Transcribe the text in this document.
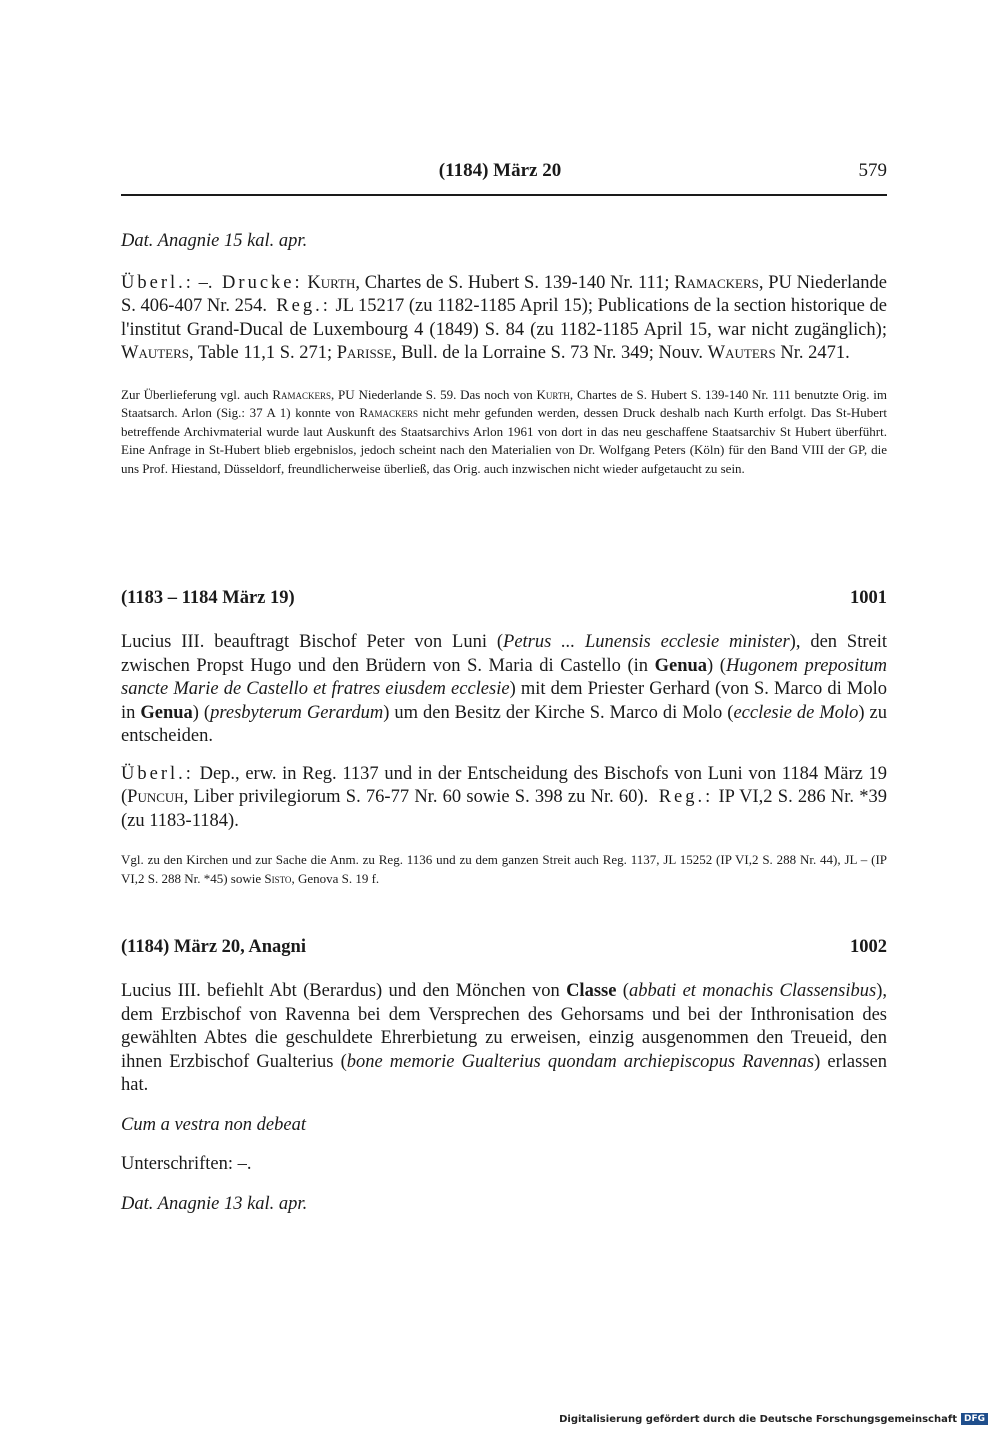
(1184) März 20	579

Dat. Anagnie 15 kal. apr.

Überl.: –. Drucke: Kurth, Chartes de S. Hubert S. 139-140 Nr. 111; Ramackers, PU Niederlande S. 406-407 Nr. 254. Reg.: JL 15217 (zu 1182-1185 April 15); Publications de la section historique de l'institut Grand-Ducal de Luxembourg 4 (1849) S. 84 (zu 1182-1185 April 15, war nicht zugänglich); Wauters, Table 11,1 S. 271; Parisse, Bull. de la Lorraine S. 73 Nr. 349; Nouv. Wauters Nr. 2471.

Zur Überlieferung vgl. auch Ramackers, PU Niederlande S. 59. Das noch von Kurth, Chartes de S. Hubert S. 139-140 Nr. 111 benutzte Orig. im Staatsarch. Arlon (Sig.: 37 A 1) konnte von Ramackers nicht mehr gefunden werden, dessen Druck deshalb nach Kurth erfolgt. Das St-Hubert betreffende Archivmaterial wurde laut Auskunft des Staatsarchivs Arlon 1961 von dort in das neu geschaffene Staatsarchiv St Hubert überführt. Eine Anfrage in St-Hubert blieb ergebnislos, jedoch scheint nach den Materialien von Dr. Wolfgang Peters (Köln) für den Band VIII der GP, die uns Prof. Hiestand, Düsseldorf, freundlicherweise überließ, das Orig. auch inzwischen nicht wieder aufgetaucht zu sein.

(1183 – 1184 März 19)	1001

Lucius III. beauftragt Bischof Peter von Luni (Petrus ... Lunensis ecclesie minister), den Streit zwischen Propst Hugo und den Brüdern von S. Maria di Castello (in Genua) (Hugonem prepositum sancte Marie de Castello et fratres eiusdem ecclesie) mit dem Priester Gerhard (von S. Marco di Molo in Genua) (presbyterum Gerardum) um den Besitz der Kirche S. Marco di Molo (ecclesie de Molo) zu entscheiden.

Überl.: Dep., erw. in Reg. 1137 und in der Entscheidung des Bischofs von Luni von 1184 März 19 (Puncuh, Liber privilegiorum S. 76-77 Nr. 60 sowie S. 398 zu Nr. 60). Reg.: IP VI,2 S. 286 Nr. *39 (zu 1183-1184).

Vgl. zu den Kirchen und zur Sache die Anm. zu Reg. 1136 und zu dem ganzen Streit auch Reg. 1137, JL 15252 (IP VI,2 S. 288 Nr. 44), JL – (IP VI,2 S. 288 Nr. *45) sowie Sisto, Genova S. 19 f.

(1184) März 20, Anagni	1002

Lucius III. befiehlt Abt (Berardus) und den Mönchen von Classe (abbati et monachis Classensibus), dem Erzbischof von Ravenna bei dem Versprechen des Gehorsams und bei der Inthronisation des gewählten Abtes die geschuldete Ehrerbietung zu erweisen, einzig ausgenommen den Treueid, den ihnen Erzbischof Gualterius (bone memorie Gualterius quondam archiepiscopus Ravennas) erlassen hat.

Cum a vestra non debeat

Unterschriften: –.

Dat. Anagnie 13 kal. apr.

Digitalisierung gefördert durch die Deutsche Forschungsgemeinschaft DFG
